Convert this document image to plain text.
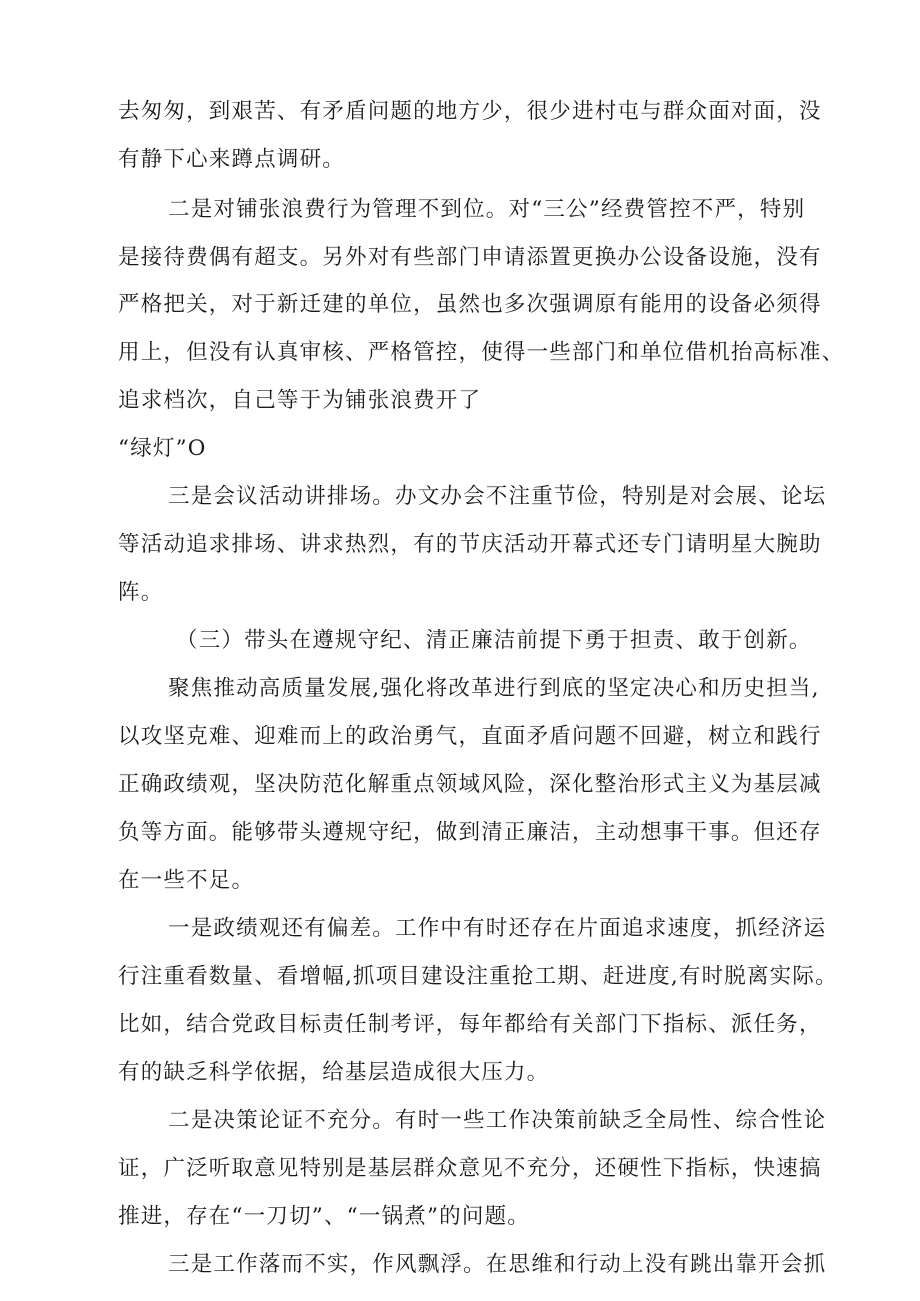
去匆匆，到艰苦、有矛盾问题的地方少，很少进村屯与群众面对面，没
有静下心来蹲点调研。
二是对铺张浪费行为管理不到位。对“三公”经费管控不严，特别
是接待费偶有超支。另外对有些部门申请添置更换办公设备设施，没有
严格把关，对于新迁建的单位，虽然也多次强调原有能用的设备必须得
用上，但没有认真审核、严格管控，使得一些部门和单位借机抬高标准、
追求档次，自己等于为铺张浪费开了
“绿灯”O
三是会议活动讲排场。办文办会不注重节俭，特别是对会展、论坛
等活动追求排场、讲求热烈，有的节庆活动开幕式还专门请明星大腕助
阵。
（三）带头在遵规守纪、清正廉洁前提下勇于担责、敢于创新。
聚焦推动高质量发展,强化将改革进行到底的坚定决心和历史担当,
以攻坚克难、迎难而上的政治勇气，直面矛盾问题不回避，树立和践行
正确政绩观，坚决防范化解重点领域风险，深化整治形式主义为基层减
负等方面。能够带头遵规守纪，做到清正廉洁，主动想事干事。但还存
在一些不足。
一是政绩观还有偏差。工作中有时还存在片面追求速度，抓经济运
行注重看数量、看增幅,抓项目建设注重抢工期、赶进度,有时脱离实际。
比如，结合党政目标责任制考评，每年都给有关部门下指标、派任务，
有的缺乏科学依据，给基层造成很大压力。
二是决策论证不充分。有时一些工作决策前缺乏全局性、综合性论
证，广泛听取意见特别是基层群众意见不充分，还硬性下指标，快速搞
推进，存在“一刀切”、“一锅煮”的问题。
三是工作落而不实，作风飘浮。在思维和行动上没有跳出靠开会抓
